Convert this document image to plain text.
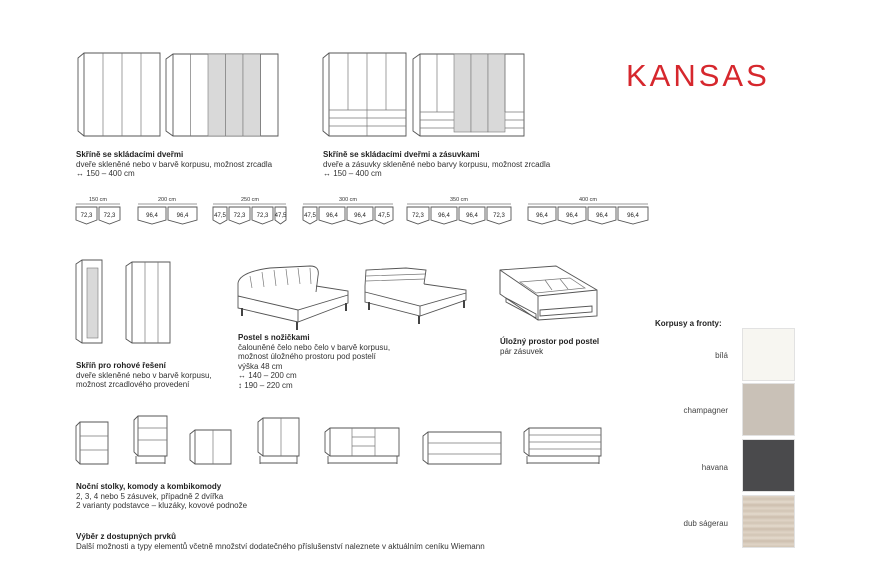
KANSAS
Skříně se skládacími dveřmi
dveře skleněné nebo v barvě korpusu, možnost zrcadla
↔ 150 – 400 cm
Skříně se skládacími dveřmi a zásuvkami
dveře a zásuvky skleněné nebo barvy korpusu, možnost zrcadla
↔ 150 – 400 cm
150 cm
72,3 72,3
200 cm
96,4	96,4
250 cm
47,5 72,3 72,3 47,5
300 cm
47,5 96,4	96,4 47,5
350 cm
72,3 96,4	96,4	72,3
400 cm
96,4	96,4	96,4	96,4
Skříň pro rohové řešení
dveře skleněné nebo v barvě korpusu,
možnost zrcadlového provedení
Postel s nožičkami
čalouněné čelo nebo čelo v barvě korpusu,
možnost úložného prostoru pod postelí
výška 48 cm
↔ 140 – 200 cm
↕ 190 – 220 cm
Úložný prostor pod postel
pár zásuvek
Noční stolky, komody a kombikomody
2, 3, 4 nebo 5 zásuvek, případně 2 dvířka
2 varianty podstavce – kluzáky, kovové podnože
Výběr z dostupných prvků
Další možnosti a typy elementů včetně množství dodatečného příslušenství naleznete v aktuálním ceníku Wiemann
Korpusy a fronty:
bílá
champagner
havana
dub ságerau
